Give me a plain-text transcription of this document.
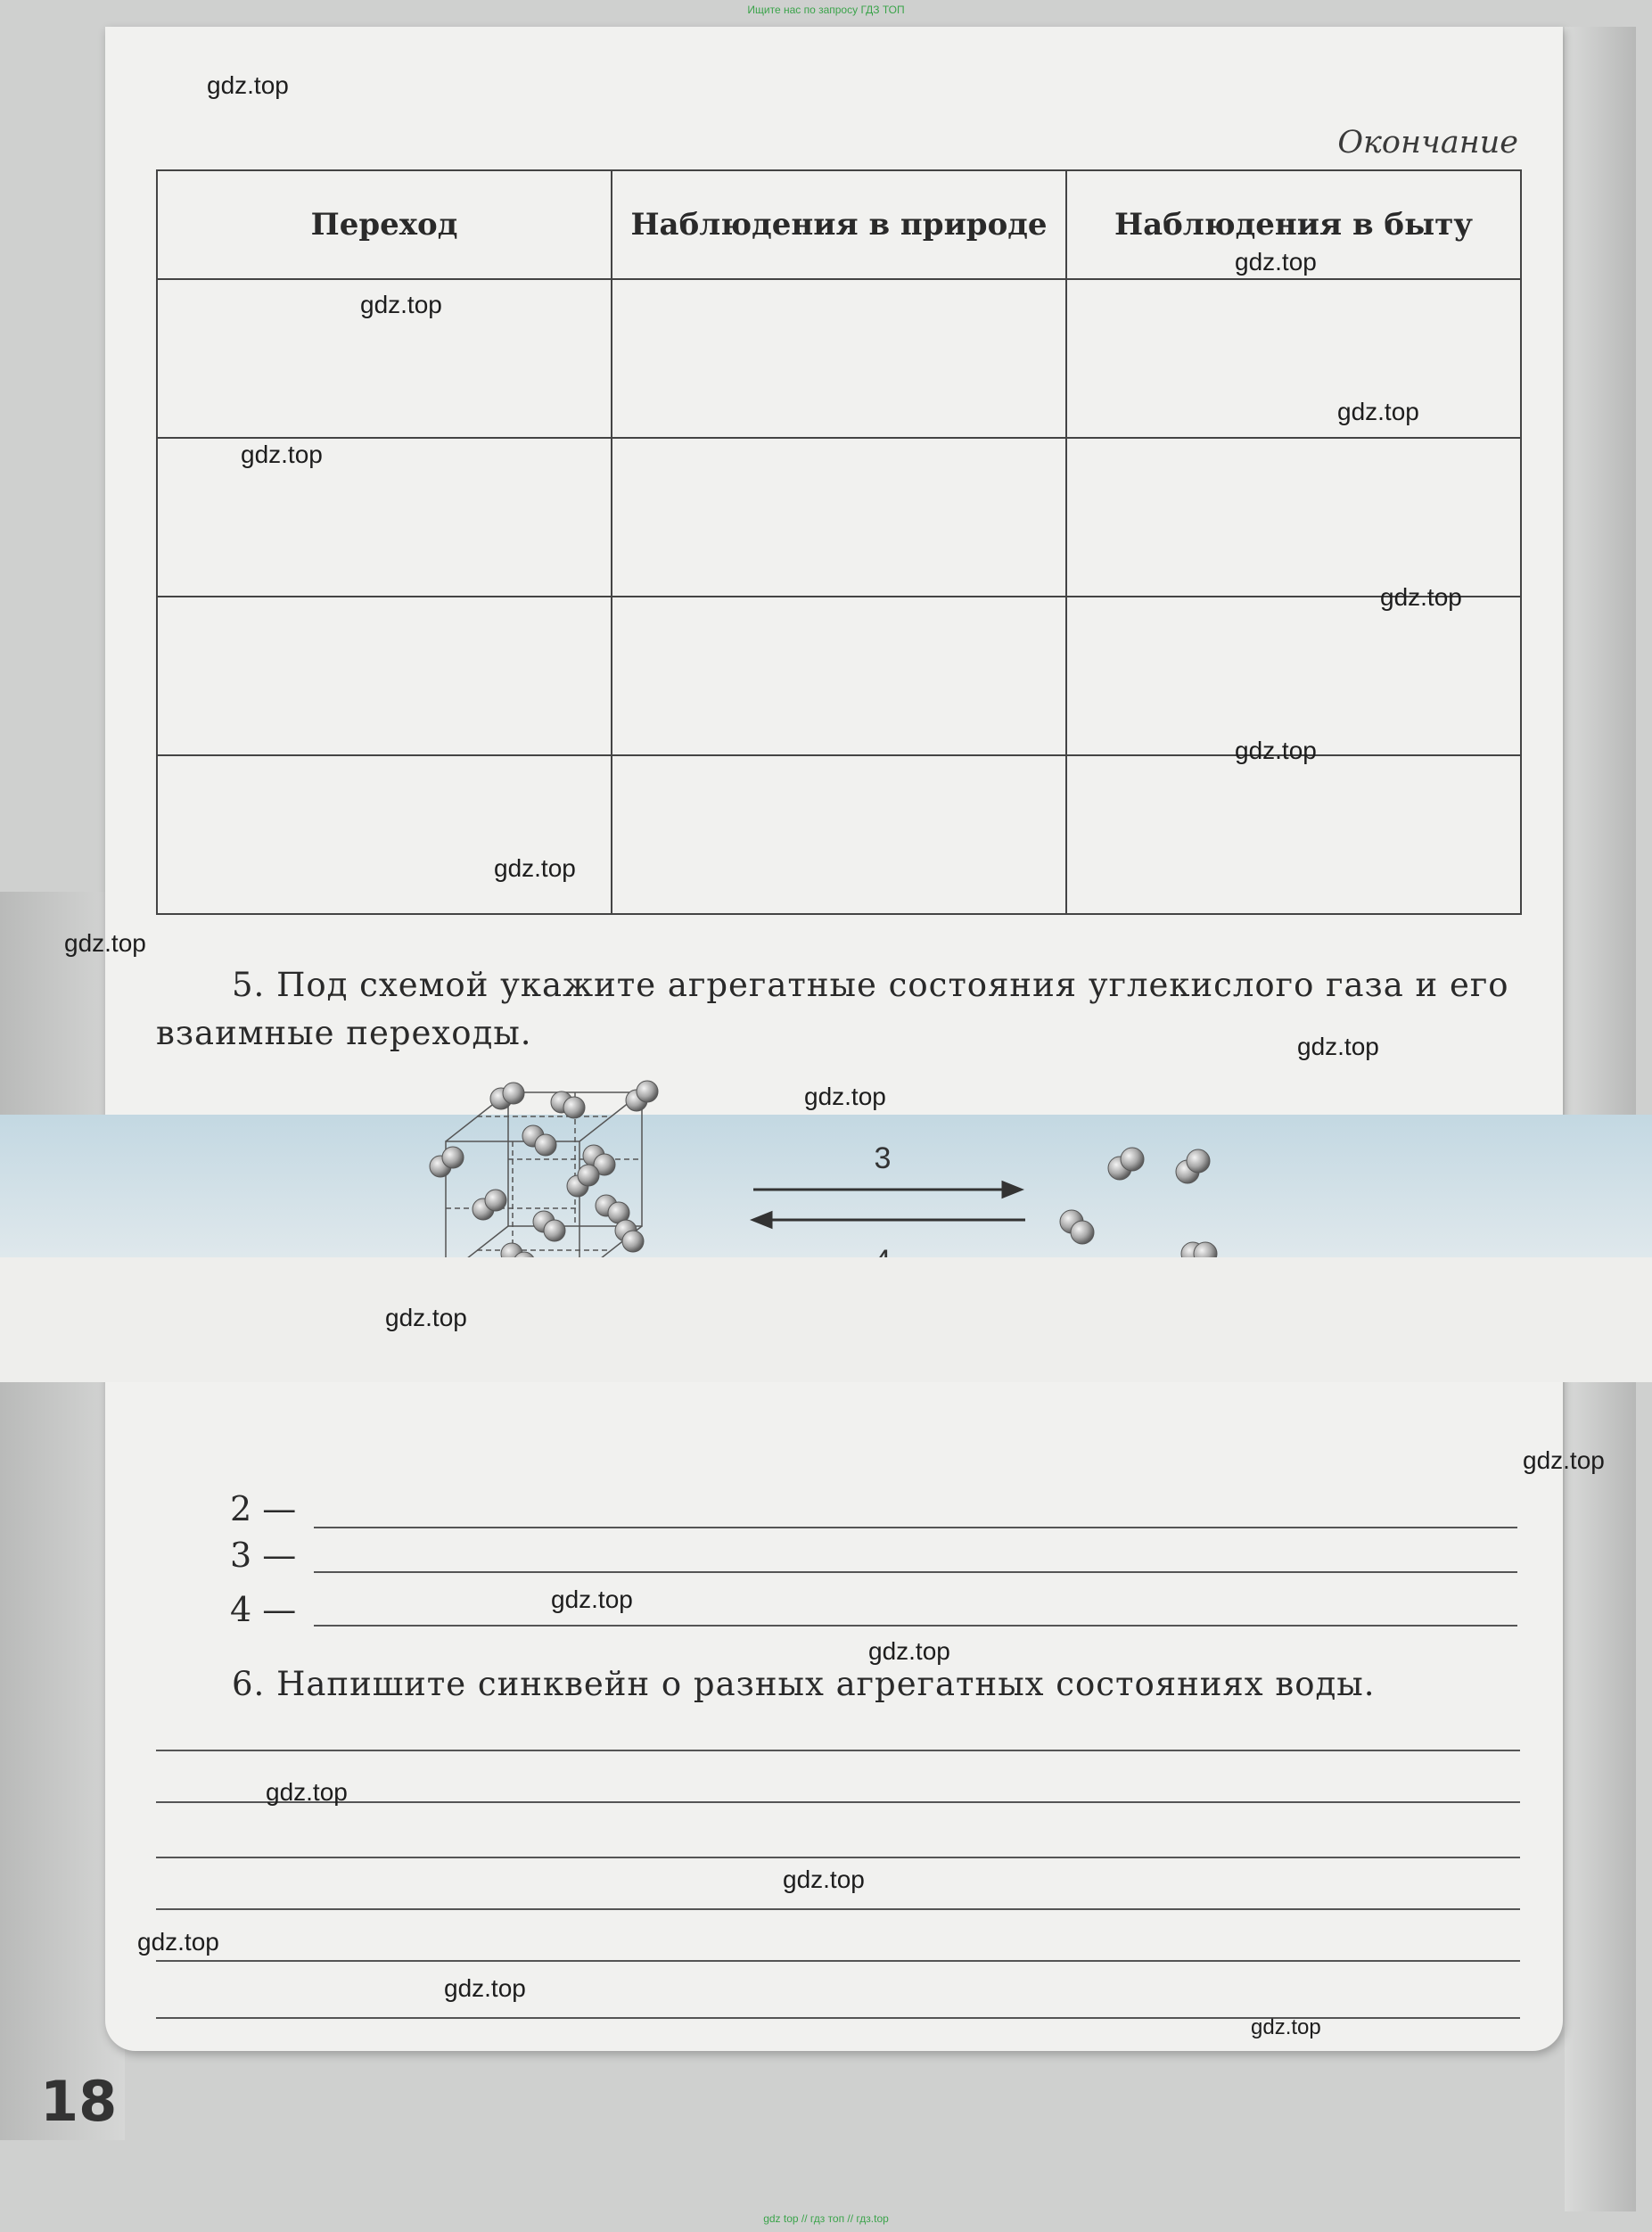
Ищите нас по запросу ГДЗ ТОП
Окончание
Переход	Наблюдения в природе	Наблюдения в быту

5. Под схемой укажите агрегатные состояния углекислого газа и его взаимные переходы.
3
2 —
3 —
4 —
6. Напишите синквейн о разных агрегатных состояниях воды.
18
gdz.top
gdz.top
gdz.top
gdz.top
gdz.top
gdz.top
gdz.top
gdz.top
gdz.top
gdz.top
gdz.top
gdz.top
gdz.top
gdz.top
gdz.top
gdz.top
gdz.top
gdz.top
gdz.top
gdz.top
gdz top // гдз топ // гдз.top
